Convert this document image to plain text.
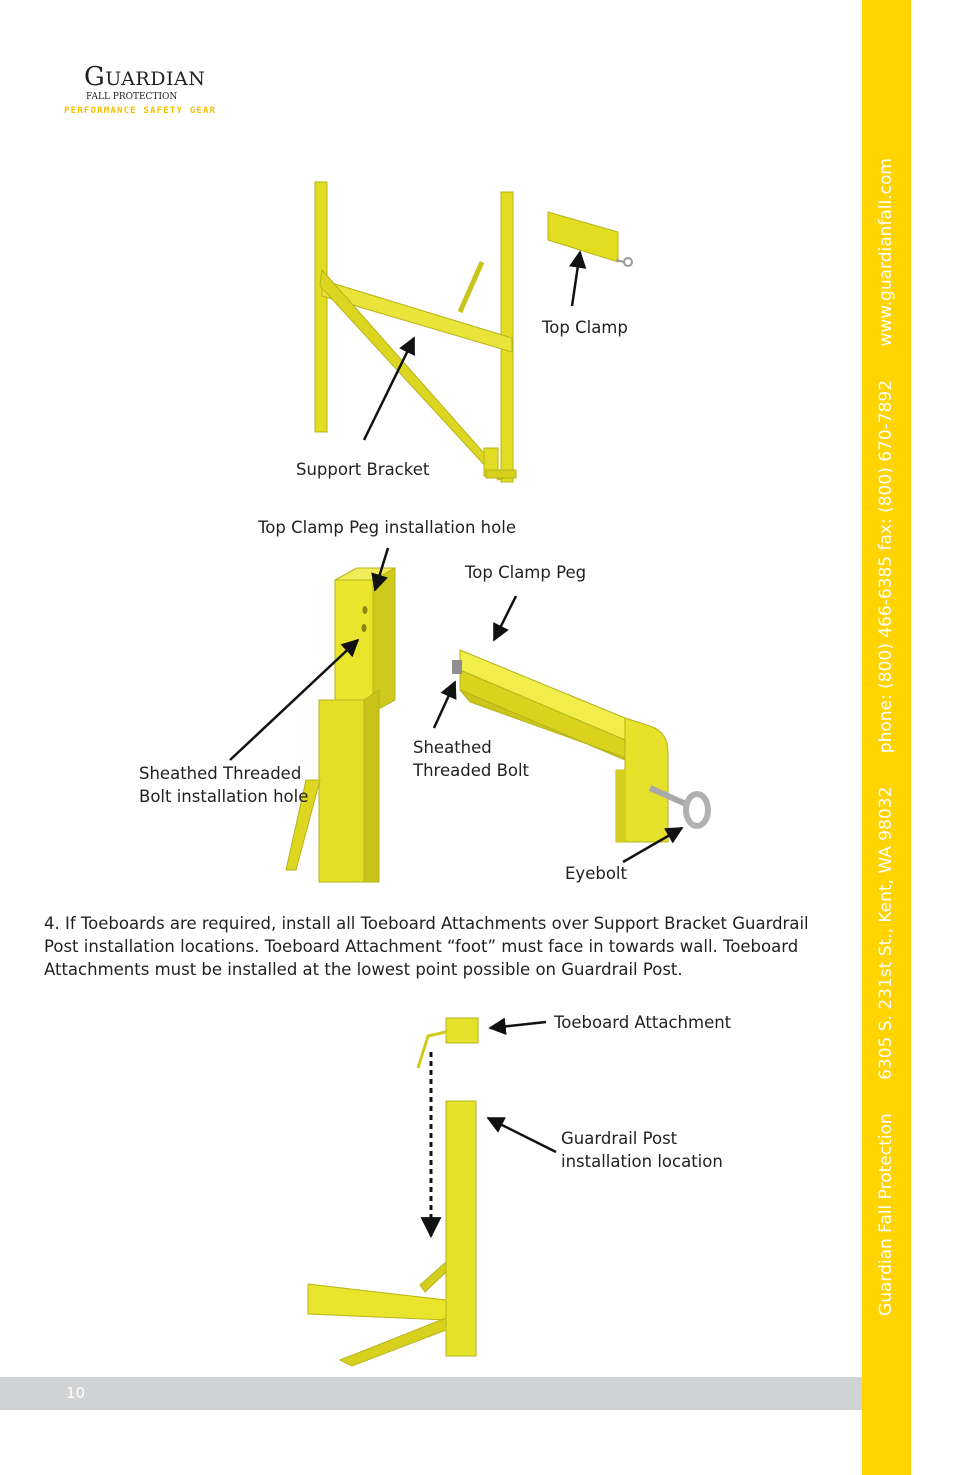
GUARDIAN
FALL PROTECTION
PERFORMANCE SAFETY GEAR
Top Clamp
Support Bracket
Top Clamp Peg installation hole
Top Clamp Peg
Sheathed Threaded
Bolt installation hole
Sheathed
Threaded Bolt
Eyebolt

4. If Toeboards are required, install all Toeboard Attachments over Support Bracket Guardrail Post installation locations. Toeboard Attachment “foot” must face in towards wall. Toeboard Attachments must be installed at the lowest point possible on Guardrail Post.

Toeboard Attachment
Guardrail Post
installation location	Guardian Fall Protection 6305 S. 231st St., Kent, WA 98032 phone: (800) 466-6385 fax: (800) 670-7892 www.guardianfall.com
10
